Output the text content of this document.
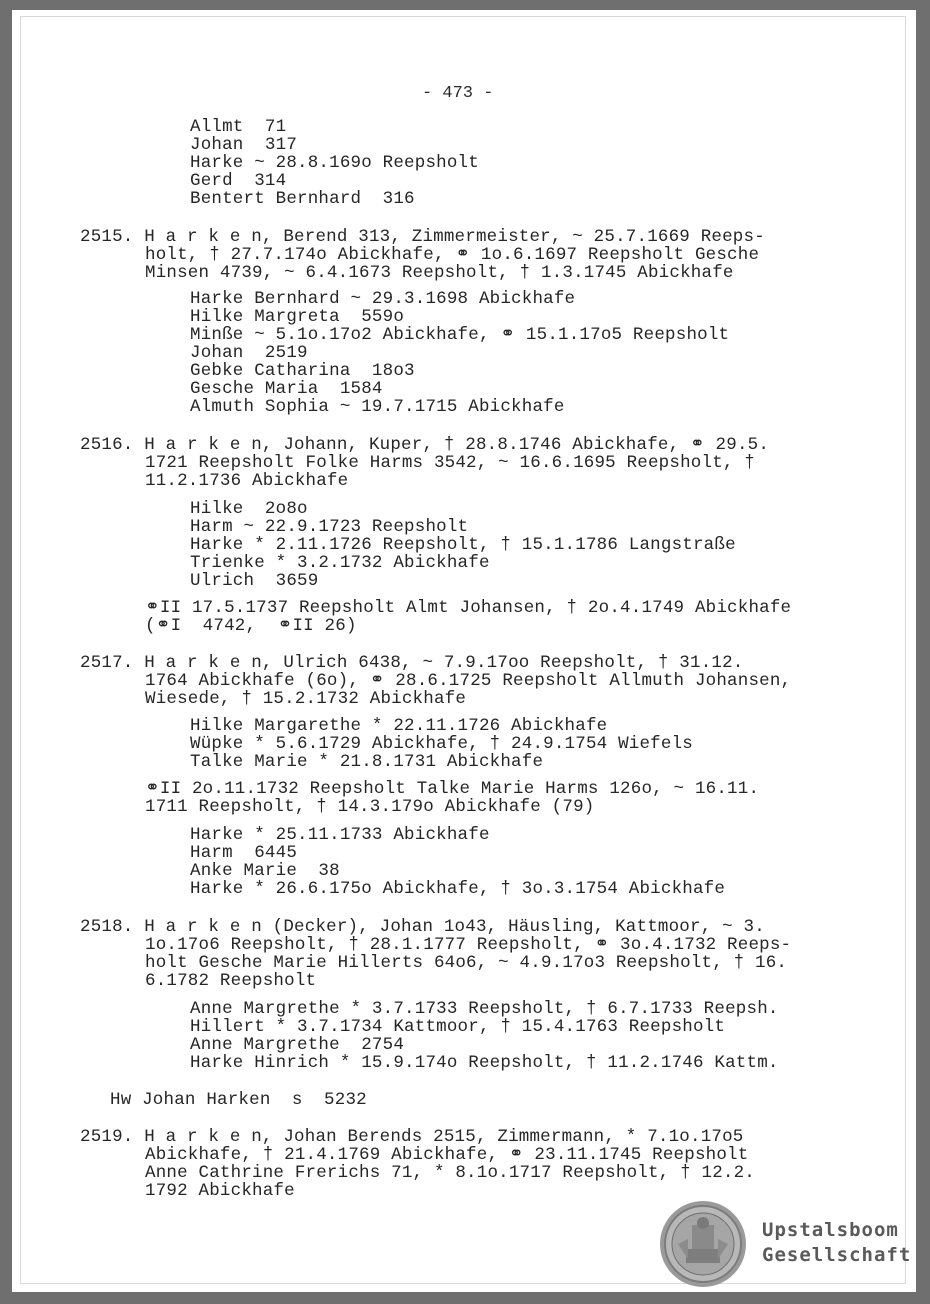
- 473 -
Allmt  71
Johan  317
Harke ~ 28.8.169o Reepsholt
Gerd  314
Bentert Bernhard  316
2515. H a r k e n, Berend 313, Zimmermeister, ~ 25.7.1669 Reeps-
holt, † 27.7.174o Abickhafe, ⚭ 1o.6.1697 Reepsholt Gesche
Minsen 4739, ~ 6.4.1673 Reepsholt, † 1.3.1745 Abickhafe
Harke Bernhard ~ 29.3.1698 Abickhafe
Hilke Margreta  559o
Minße ~ 5.1o.17o2 Abickhafe, ⚭ 15.1.17o5 Reepsholt
Johan  2519
Gebke Catharina  18o3
Gesche Maria  1584
Almuth Sophia ~ 19.7.1715 Abickhafe
2516. H a r k e n, Johann, Kuper, † 28.8.1746 Abickhafe, ⚭ 29.5.
1721 Reepsholt Folke Harms 3542, ~ 16.6.1695 Reepsholt, †
11.2.1736 Abickhafe
Hilke  2o8o
Harm ~ 22.9.1723 Reepsholt
Harke * 2.11.1726 Reepsholt, † 15.1.1786 Langstraße
Trienke * 3.2.1732 Abickhafe
Ulrich  3659
⚭II 17.5.1737 Reepsholt Almt Johansen, † 2o.4.1749 Abickhafe
(⚭I  4742,  ⚭II 26)
2517. H a r k e n, Ulrich 6438, ~ 7.9.17oo Reepsholt, † 31.12.
1764 Abickhafe (6o), ⚭ 28.6.1725 Reepsholt Allmuth Johansen,
Wiesede, † 15.2.1732 Abickhafe
Hilke Margarethe * 22.11.1726 Abickhafe
Wüpke * 5.6.1729 Abickhafe, † 24.9.1754 Wiefels
Talke Marie * 21.8.1731 Abickhafe
⚭II 2o.11.1732 Reepsholt Talke Marie Harms 126o, ~ 16.11.
1711 Reepsholt, † 14.3.179o Abickhafe (79)
Harke * 25.11.1733 Abickhafe
Harm  6445
Anke Marie  38
Harke * 26.6.175o Abickhafe, † 3o.3.1754 Abickhafe
2518. H a r k e n (Decker), Johan 1o43, Häusling, Kattmoor, ~ 3.
1o.17o6 Reepsholt, † 28.1.1777 Reepsholt, ⚭ 3o.4.1732 Reeps-
holt Gesche Marie Hillerts 64o6, ~ 4.9.17o3 Reepsholt, † 16.
6.1782 Reepsholt
Anne Margrethe * 3.7.1733 Reepsholt, † 6.7.1733 Reepsh.
Hillert * 3.7.1734 Kattmoor, † 15.4.1763 Reepsholt
Anne Margrethe  2754
Harke Hinrich * 15.9.174o Reepsholt, † 11.2.1746 Kattm.
Hw Johan Harken  s  5232
2519. H a r k e n, Johan Berends 2515, Zimmermann, * 7.1o.17o5
Abickhafe, † 21.4.1769 Abickhafe, ⚭ 23.11.1745 Reepsholt
Anne Cathrine Frerichs 71, * 8.1o.1717 Reepsholt, † 12.2.
1792 Abickhafe
Upstalsboom
Gesellschaft
